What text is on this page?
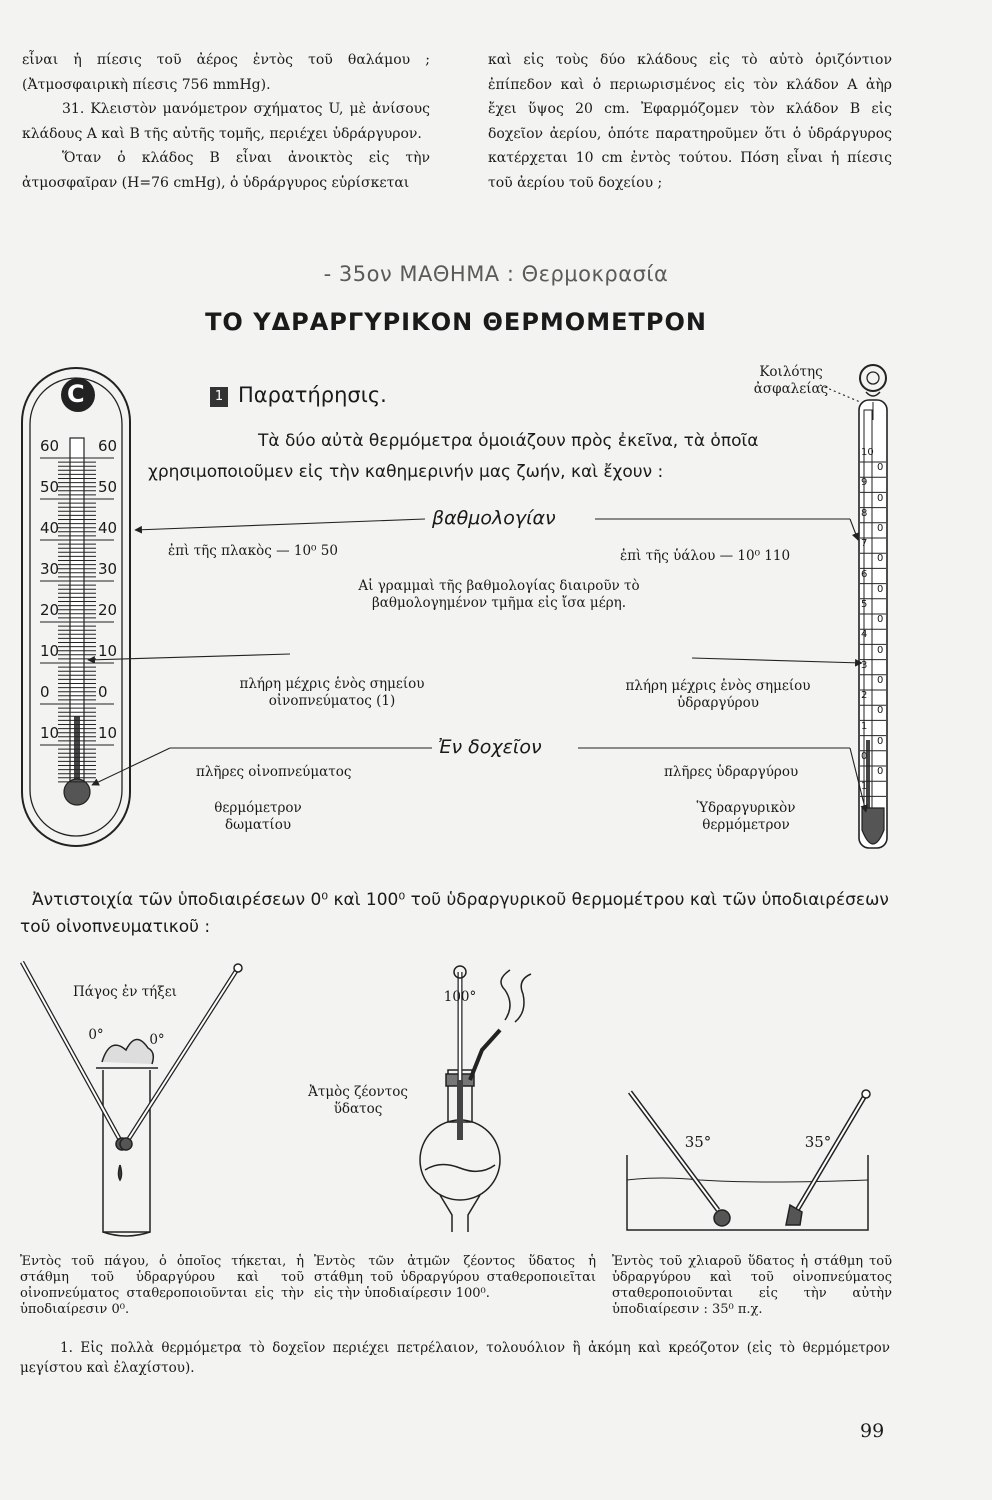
εἶναι ἡ πίεσις τοῦ ἀέρος ἐντὸς τοῦ θαλάμου ; (Ἀτμοσφαιρικὴ πίεσις 756 mmHg).

31. Κλειστὸν μανόμετρον σχήματος U, μὲ ἀνίσους κλάδους Α καὶ Β τῆς αὐτῆς τομῆς, περιέχει ὑδράργυρον.

Ὅταν ὁ κλάδος Β εἶναι ἀνοικτὸς εἰς τὴν ἀτμοσφαῖραν (Η=76 cmHg), ὁ ὑδράργυρος εὑρίσκεται

καὶ εἰς τοὺς δύο κλάδους εἰς τὸ αὐτὸ ὁριζόντιον ἐπίπεδον καὶ ὁ περιωρισμένος εἰς τὸν κλάδον Α ἀὴρ ἔχει ὕψος 20 cm. Ἐφαρμόζομεν τὸν κλάδον Β εἰς δοχεῖον ἀερίου, ὁπότε παρατηροῦμεν ὅτι ὁ ὑδράργυρος κατέρχεται 10 cm ἐντὸς τούτου. Πόση εἶναι ἡ πίεσις τοῦ ἀερίου τοῦ δοχείου ;

- 35ον ΜΑΘΗΜΑ : Θερμοκρασία
ΤΟ ΥΔΡΑΡΓΥΡΙΚΟΝ ΘΕΡΜΟΜΕΤΡΟΝ
1 Παρατήρησις.
Τὰ δύο αὐτὰ θερμόμετρα ὁμοιάζουν πρὸς ἐκεῖνα, τὰ ὁποῖα χρησιμοποιοῦμεν εἰς τὴν καθημερινήν μας ζωήν, καὶ ἔχουν :
60	60
50	50
40	40
30	30
20	20
10	10
0	0
10	10
10
0
9
0
8
0
7
0
6
0
5
0
4
0
3
0
2
0
1
0
0
0
1
C
βαθμολογίαν
ἐπὶ τῆς πλακὸς — 10⁰ 50	ἐπὶ τῆς ὑάλου — 10⁰ 110
Αἱ γραμμαὶ τῆς βαθμολογίας διαιροῦν τὸ βαθμολογημένον τμῆμα εἰς ἴσα μέρη.
πλήρη μέχρις ἑνὸς σημείου οἰνοπνεύματος (1)
πλήρη μέχρις ἑνὸς σημείου ὑδραργύρου
Ἐν δοχεῖον
πλῆρες οἰνοπνεύματος	πλῆρες ὑδραργύρου
θερμόμετρον δωματίου
Ὑδραργυρικὸν θερμόμετρον
Κοιλότης ἀσφαλείας
Ἀντιστοιχία τῶν ὑποδιαιρέσεων 0⁰ καὶ 100⁰ τοῦ ὑδραργυρικοῦ θερμομέτρου καὶ τῶν ὑποδιαιρέσεων τοῦ οἰνοπνευματικοῦ :
Πάγος ἐν τήξει
0°	0°
100°
Ἀτμὸς ζέοντος ὕδατος
35°	35°
Ἐντὸς τοῦ πάγου, ὁ ὁποῖος τήκεται, ἡ στάθμη τοῦ ὑδραργύρου καὶ τοῦ οἰνοπνεύματος σταθεροποιοῦνται εἰς τὴν ὑποδιαίρεσιν 0⁰.
Ἐντὸς τῶν ἀτμῶν ζέοντος ὕδατος ἡ στάθμη τοῦ ὑδραργύρου σταθεροποιεῖται εἰς τὴν ὑποδιαίρεσιν 100⁰.
Ἐντὸς τοῦ χλιαροῦ ὕδατος ἡ στάθμη τοῦ ὑδραργύρου καὶ τοῦ οἰνοπνεύματος σταθεροποιοῦνται εἰς τὴν αὐτὴν ὑποδιαίρεσιν : 35⁰ π.χ.
1. Εἰς πολλὰ θερμόμετρα τὸ δοχεῖον περιέχει πετρέλαιον, τολουόλιον ἢ ἀκόμη καὶ κρεόζοτον (εἰς τὸ θερμόμετρον μεγίστου καὶ ἐλαχίστου).
99
